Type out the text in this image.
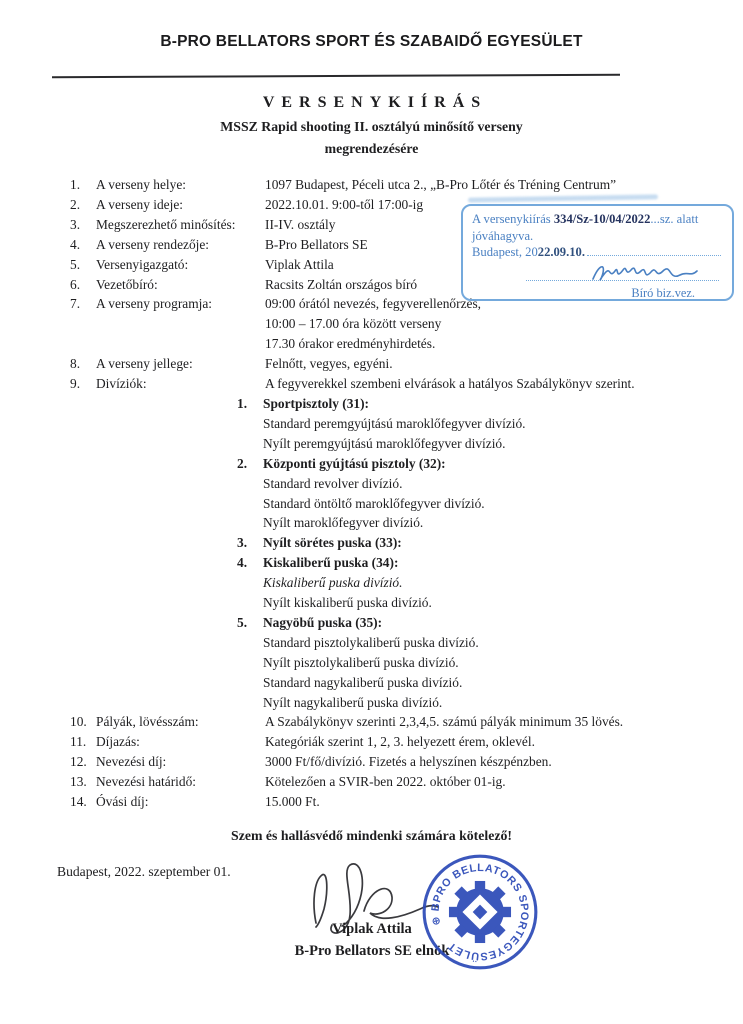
B-PRO BELLATORS SPORT ÉS SZABAIDŐ EGYESÜLET
VERSENYKIÍRÁS
MSSZ Rapid shooting II. osztályú minősítő verseny
megrendezésére
1.	A verseny helye:	1097 Budapest, Péceli utca 2., „B-Pro Lőtér és Tréning Centrum”
2.	A verseny ideje:	2022.10.01. 9:00-től 17:00-ig
3.	Megszerezhető minősítés:	II-IV. osztály
4.	A verseny rendezője:	B-Pro Bellators SE
5.	Versenyigazgató:	Viplak Attila
6.	Vezetőbíró:	Racsits Zoltán országos bíró
7.	A verseny programja:	09:00 órától nevezés, fegyverellenőrzés,
10:00 – 17.00 óra között verseny
17.30 órakor eredményhirdetés.
8.	A verseny jellege:	Felnőtt, vegyes, egyéni.
9.	Divíziók:	A fegyverekkel szembeni elvárások a hatályos Szabálykönyv szerint.
1.	Sportpisztoly (31):
Standard peremgyújtású maroklőfegyver divízió.
Nyílt peremgyújtású maroklőfegyver divízió.
2.	Központi gyújtású pisztoly (32):
Standard revolver divízió.
Standard öntöltő maroklőfegyver divízió.
Nyílt maroklőfegyver divízió.
3.	Nyílt sörétes puska (33):
4.	Kiskaliberű puska (34):
Kiskaliberű puska divízió.
Nyílt kiskaliberű puska divízió.
5.	Nagyöbű puska (35):
Standard pisztolykaliberű puska divízió.
Nyílt pisztolykaliberű puska divízió.
Standard nagykaliberű puska divízió.
Nyílt nagykaliberű puska divízió.
10. Pályák, lövésszám:	A Szabálykönyv szerinti 2,3,4,5. számú pályák minimum 35 lövés.
11. Díjazás:	Kategóriák szerint 1, 2, 3. helyezett érem, oklevél.
12. Nevezési díj:	3000 Ft/fő/divízió. Fizetés a helyszínen készpénzben.
13. Nevezési határidő:	Kötelezően a SVIR-ben 2022. október 01-ig.
14. Óvási díj:	15.000 Ft.
A versenykiírás 334/Sz-10/04/2022...sz. alatt
jóváhagyva.
Budapest, 20 22.09.10.
Bíró biz.vez.
Szem és hallásvédő mindenki számára kötelező!
Budapest, 2022. szeptember 01.
Viplak Attila
B-Pro Bellators SE elnök
⊕ BPRO BELLATORS SPORTEGYESÜLET
